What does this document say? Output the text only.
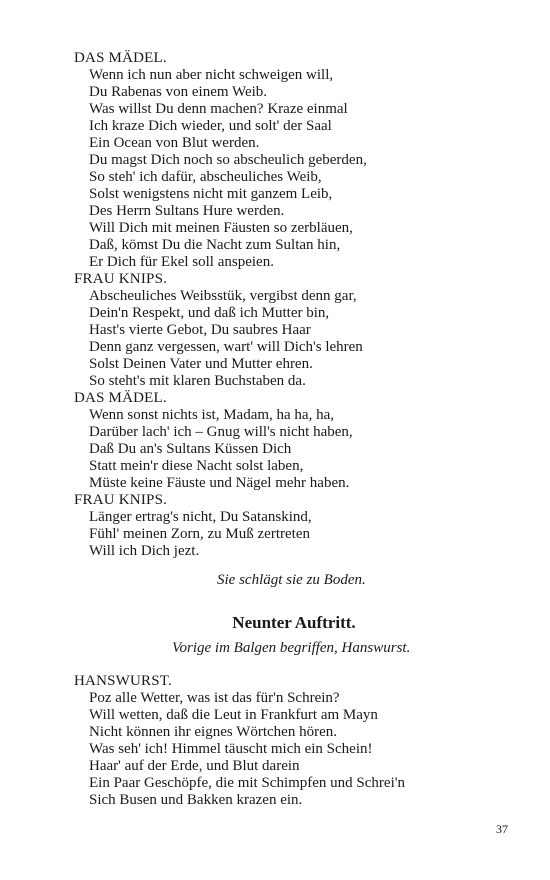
DAS MÄDEL.
Wenn ich nun aber nicht schweigen will,
Du Rabenas von einem Weib.
Was willst Du denn machen? Kraze einmal
Ich kraze Dich wieder, und solt' der Saal
Ein Ocean von Blut werden.
Du magst Dich noch so abscheulich geberden,
So steh' ich dafür, abscheuliches Weib,
Solst wenigstens nicht mit ganzem Leib,
Des Herrn Sultans Hure werden.
Will Dich mit meinen Fäusten so zerbläuen,
Daß, kömst Du die Nacht zum Sultan hin,
Er Dich für Ekel soll anspeien.
FRAU KNIPS.
Abscheuliches Weibsstük, vergibst denn gar,
Dein'n Respekt, und daß ich Mutter bin,
Hast's vierte Gebot, Du saubres Haar
Denn ganz vergessen, wart' will Dich's lehren
Solst Deinen Vater und Mutter ehren.
So steht's mit klaren Buchstaben da.
DAS MÄDEL.
Wenn sonst nichts ist, Madam, ha ha, ha,
Darüber lach' ich – Gnug will's nicht haben,
Daß Du an's Sultans Küssen Dich
Statt mein'r diese Nacht solst laben,
Müste keine Fäuste und Nägel mehr haben.
FRAU KNIPS.
Länger ertrag's nicht, Du Satanskind,
Fühl' meinen Zorn, zu Muß zertreten
Will ich Dich jezt.
Sie schlägt sie zu Boden.
Neunter Auftritt.
Vorige im Balgen begriffen, Hanswurst.
HANSWURST.
Poz alle Wetter, was ist das für'n Schrein?
Will wetten, daß die Leut in Frankfurt am Mayn
Nicht können ihr eignes Wörtchen hören.
Was seh' ich! Himmel täuscht mich ein Schein!
Haar' auf der Erde, und Blut darein
Ein Paar Geschöpfe, die mit Schimpfen und Schrei'n
Sich Busen und Bakken krazen ein.
37
